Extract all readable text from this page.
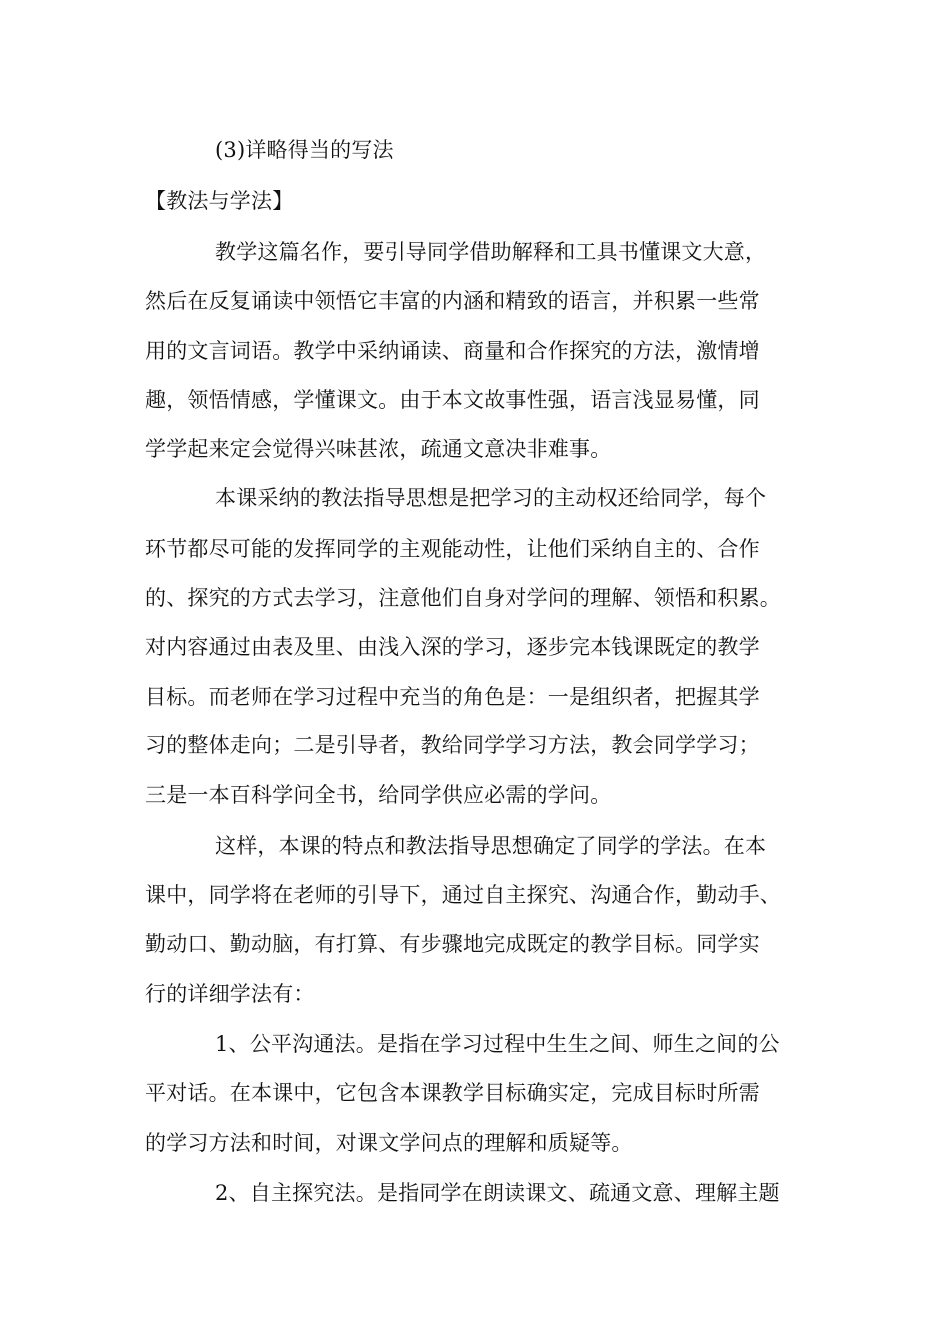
(3)详略得当的写法
【教法与学法】
教学这篇名作，要引导同学借助解释和工具书懂课文大意，
然后在反复诵读中领悟它丰富的内涵和精致的语言，并积累一些常
用的文言词语。教学中采纳诵读、商量和合作探究的方法，激情增
趣，领悟情感，学懂课文。由于本文故事性强，语言浅显易懂，同
学学起来定会觉得兴味甚浓，疏通文意决非难事。
本课采纳的教法指导思想是把学习的主动权还给同学，每个
环节都尽可能的发挥同学的主观能动性，让他们采纳自主的、合作
的、探究的方式去学习，注意他们自身对学问的理解、领悟和积累。
对内容通过由表及里、由浅入深的学习，逐步完本钱课既定的教学
目标。而老师在学习过程中充当的角色是：一是组织者，把握其学
习的整体走向；二是引导者，教给同学学习方法，教会同学学习；
三是一本百科学问全书，给同学供应必需的学问。
这样，本课的特点和教法指导思想确定了同学的学法。在本
课中，同学将在老师的引导下，通过自主探究、沟通合作，勤动手、
勤动口、勤动脑，有打算、有步骤地完成既定的教学目标。同学实
行的详细学法有：
1、公平沟通法。是指在学习过程中生生之间、师生之间的公
平对话。在本课中，它包含本课教学目标确实定，完成目标时所需
的学习方法和时间，对课文学问点的理解和质疑等。
2、自主探究法。是指同学在朗读课文、疏通文意、理解主题
